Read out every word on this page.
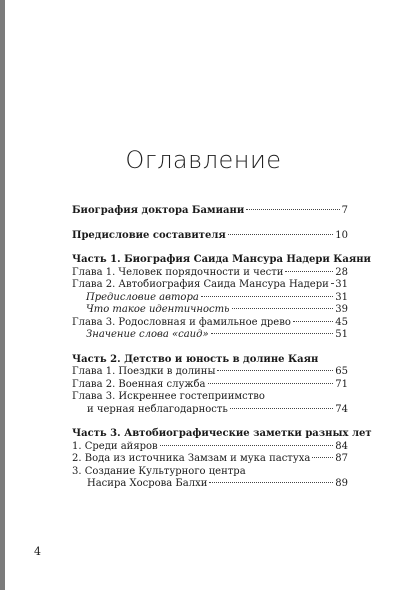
Оглавление
Биография доктора Бамиани	7
Предисловие составителя	10
Часть 1. Биография Саида Мансура Надери Каяни
Глава 1. Человек порядочности и чести	28
Глава 2. Автобиография Саида Мансура Надери 31
Предисловие автора	31
Что такое идентичность	39
Глава 3. Родословная и фамильное древо	45
Значение слова «саид»	51
Часть 2. Детство и юность в долине Каян
Глава 1. Поездки в долины	65
Глава 2. Военная служба	71
Глава 3. Искреннее гостеприимство
и черная неблагодарность	74
Часть 3. Автобиографические заметки разных лет
1. Среди айяров	84
2. Вода из источника Замзам и мука пастуха 87
3. Создание Культурного центра
Насира Хосрова Балхи	89
4
